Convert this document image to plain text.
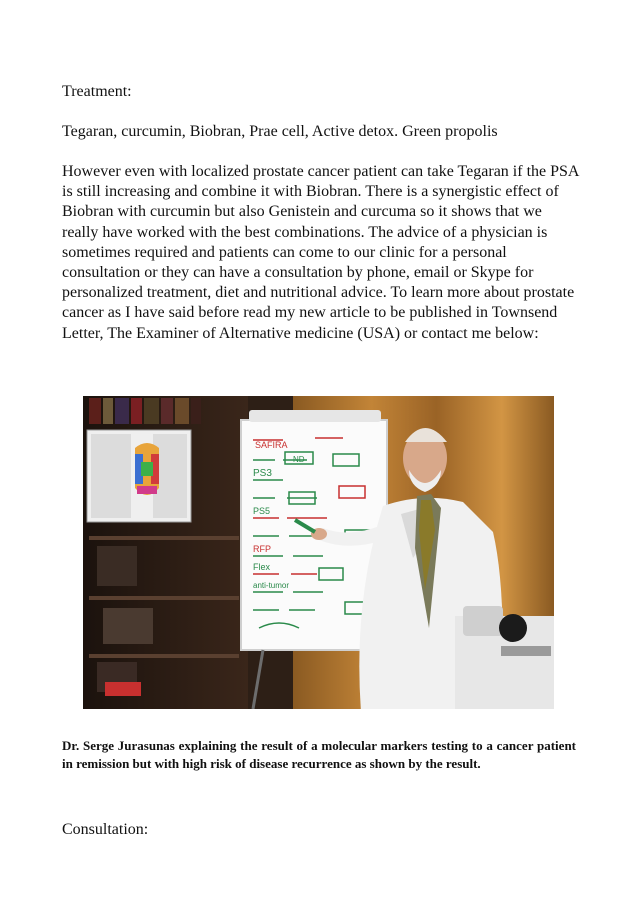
Treatment:

Tegaran, curcumin, Biobran, Prae cell, Active detox. Green propolis

However even with localized prostate cancer patient can take Tegaran if the PSA is still increasing and combine it with Biobran. There is a synergistic effect of Biobran with curcumin but also Genistein and curcuma so it shows that we really have worked with the best combinations. The advice of a physician is sometimes required and patients can come to our clinic for a personal consultation or they can have a consultation by phone, email or Skype for personalized treatment, diet and nutritional advice. To learn more about prostate cancer as I have said before read my new article to be published in Townsend Letter, The Examiner of Alternative medicine (USA) or contact me below:

SAFIRA
PS3
PS5
RFP
Flex
anti-tumor
ND

Dr. Serge Jurasunas explaining the result of a molecular markers testing to a cancer patient in remission but with high risk of disease recurrence as shown by the result.

Consultation:
